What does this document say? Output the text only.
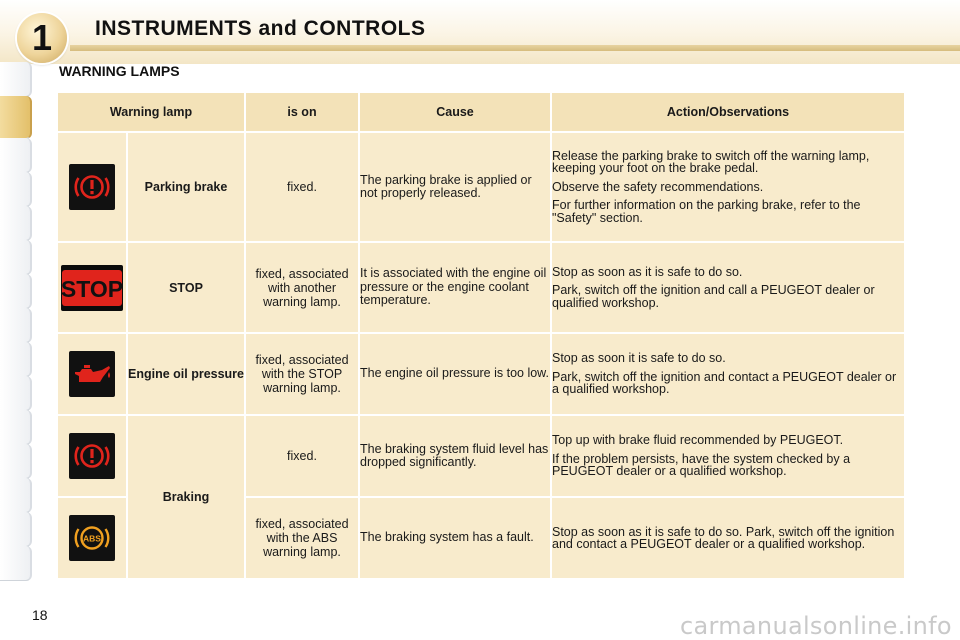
1	INSTRUMENTS and CONTROLS
WARNING LAMPS
Warning lamp		is on	Cause	Action/Observations

	Parking brake	fixed.	The parking brake is applied or not properly released.	Release the parking brake to switch off the warning lamp, keeping your foot on the brake pedal.

Observe the safety recommendations.

For further information on the parking brake, refer to the "Safety" section.

STOP	STOP	fixed, associated with another warning lamp.	It is associated with the engine oil pressure or the engine coolant temperature.	Stop as soon as it is safe to do so.

Park, switch off the ignition and call a PEUGEOT dealer or qualified workshop.

	Engine oil pressure	fixed, associated with the STOP warning lamp.	The engine oil pressure is too low.	Stop as soon it is safe to do so.

Park, switch off the ignition and contact a PEUGEOT dealer or a qualified workshop.

	Braking	fixed.	The braking system fluid level has dropped significantly.	Top up with brake fluid recommended by PEUGEOT.

If the problem persists, have the system checked by a PEUGEOT dealer or a qualified workshop.

ABS		fixed, associated with the ABS warning lamp.	The braking system has a fault.	Stop as soon as it is safe to do so. Park, switch off the ignition and contact a PEUGEOT dealer or a qualified workshop.

18	carmanualsonline.info
